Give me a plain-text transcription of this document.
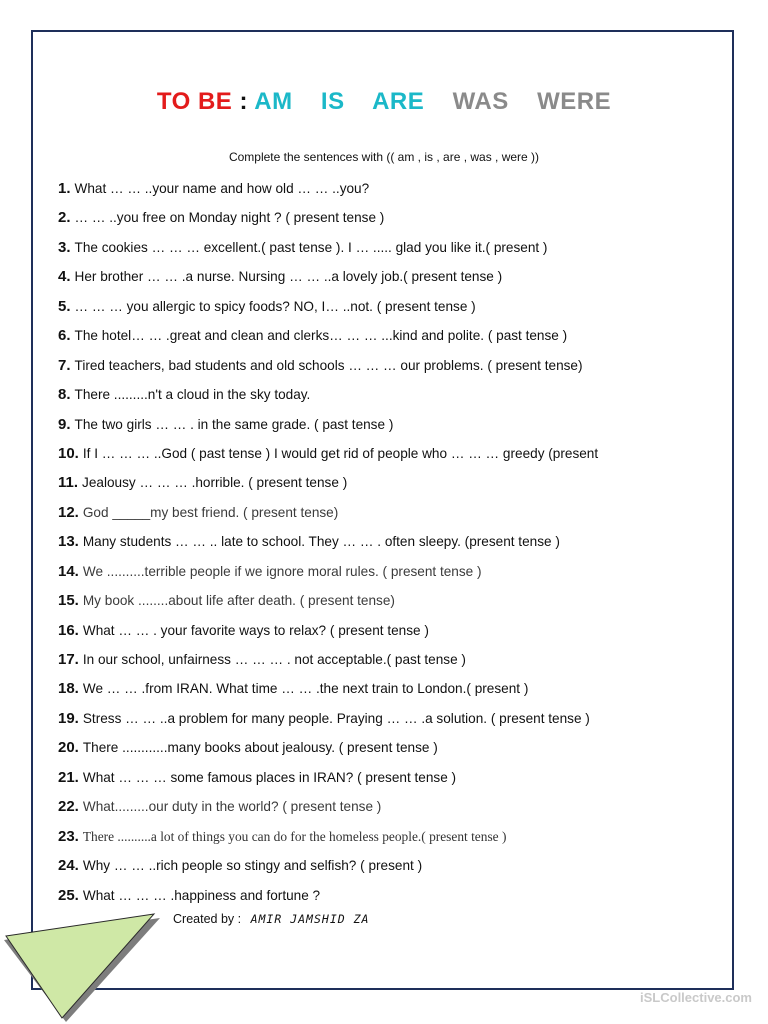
TO BE : AM IS ARE WAS WERE
Complete the sentences with (( am , is , are , was , were ))
1. What … … ..your name and how old … … ..you?
2. … … ..you free on Monday night ? ( present tense )
3. The cookies … … … excellent.( past tense ). I … ..... glad you like it.( present )
4. Her brother … … .a nurse. Nursing … … ..a lovely job.( present tense )
5. … … … you allergic to spicy foods? NO, I… ..not. ( present tense )
6. The hotel… … .great and clean and clerks… … … ...kind and polite. ( past tense )
7. Tired teachers, bad students and old schools … … … our problems. ( present tense)
8. There .........n't a cloud in the sky today.
9. The two girls … … . in the same grade. ( past tense )
10. If I … … … ..God ( past tense ) I would get rid of people who … … … greedy (present
11. Jealousy … … … .horrible. ( present tense )
12. God _____my best friend. ( present tense)
13. Many students … … .. late to school. They … … . often sleepy. (present tense )
14. We ..........terrible people if we ignore moral rules. ( present tense )
15. My book ........about life after death. ( present tense)
16. What … … . your favorite ways to relax? ( present tense )
17. In our school, unfairness … … … . not acceptable.( past tense )
18. We … … .from IRAN. What time … … .the next train to London.( present )
19. Stress … … ..a problem for many people. Praying … … .a solution. ( present tense )
20. There ............many books about jealousy. ( present tense )
21. What … … … some famous places in IRAN? ( present tense )
22. What.........our duty in the world? ( present tense )
23. There ..........a lot of things you can do for the homeless people.( present tense )
24. Why … … ..rich people so stingy and selfish? ( present )
25. What … … … .happiness and fortune ?
Created by : AMIR JAMSHID ZA
iSLCollective.com
